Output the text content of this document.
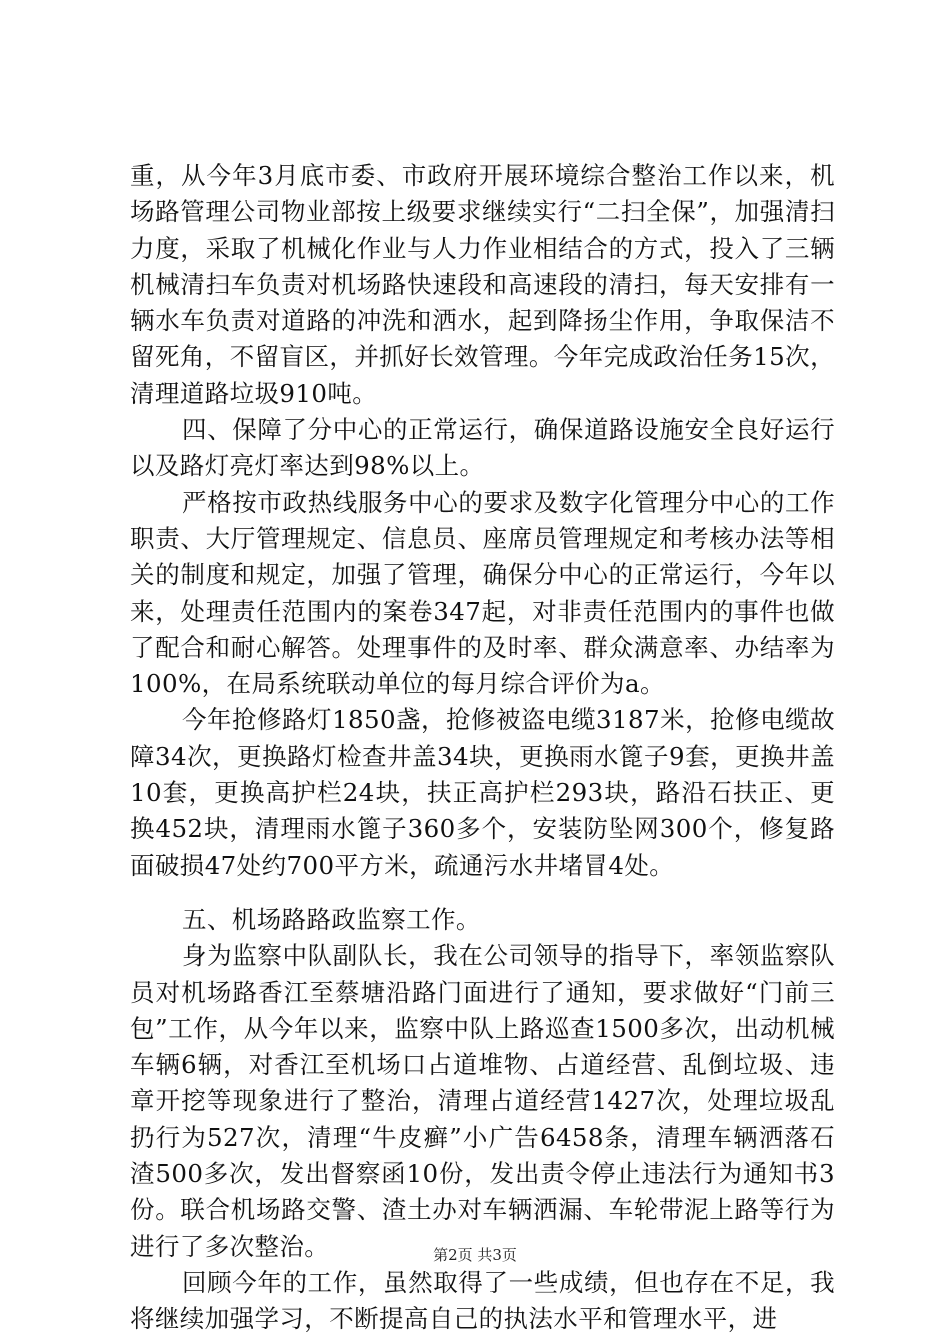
重，从今年3月底市委、市政府开展环境综合整治工作以来，机场路管理公司物业部按上级要求继续实行“二扫全保”，加强清扫力度，采取了机械化作业与人力作业相结合的方式，投入了三辆机械清扫车负责对机场路快速段和高速段的清扫，每天安排有一辆水车负责对道路的冲洗和洒水，起到降扬尘作用，争取保洁不留死角，不留盲区，并抓好长效管理。今年完成政治任务15次，清理道路垃圾910吨。

四、保障了分中心的正常运行，确保道路设施安全良好运行以及路灯亮灯率达到98%以上。

严格按市政热线服务中心的要求及数字化管理分中心的工作职责、大厅管理规定、信息员、座席员管理规定和考核办法等相关的制度和规定，加强了管理，确保分中心的正常运行，今年以来，处理责任范围内的案卷347起，对非责任范围内的事件也做了配合和耐心解答。处理事件的及时率、群众满意率、办结率为100%，在局系统联动单位的每月综合评价为a。

今年抢修路灯1850盏，抢修被盗电缆3187米，抢修电缆故障34次，更换路灯检查井盖34块，更换雨水篦子9套，更换井盖10套，更换高护栏24块，扶正高护栏293块，路沿石扶正、更换452块，清理雨水篦子360多个，安装防坠网300个，修复路面破损47处约700平方米，疏通污水井堵冒4处。

五、机场路路政监察工作。

身为监察中队副队长，我在公司领导的指导下，率领监察队员对机场路香江至蔡塘沿路门面进行了通知，要求做好“门前三包”工作，从今年以来，监察中队上路巡查1500多次，出动机械车辆6辆，对香江至机场口占道堆物、占道经营、乱倒垃圾、违章开挖等现象进行了整治，清理占道经营1427次，处理垃圾乱扔行为527次，清理“牛皮癣”小广告6458条，清理车辆洒落石渣500多次，发出督察函10份，发出责令停止违法行为通知书3份。联合机场路交警、渣土办对车辆洒漏、车轮带泥上路等行为进行了多次整治。

回顾今年的工作，虽然取得了一些成绩，但也存在不足，我将继续加强学习，不断提高自己的执法水平和管理水平，进

第2页 共3页
